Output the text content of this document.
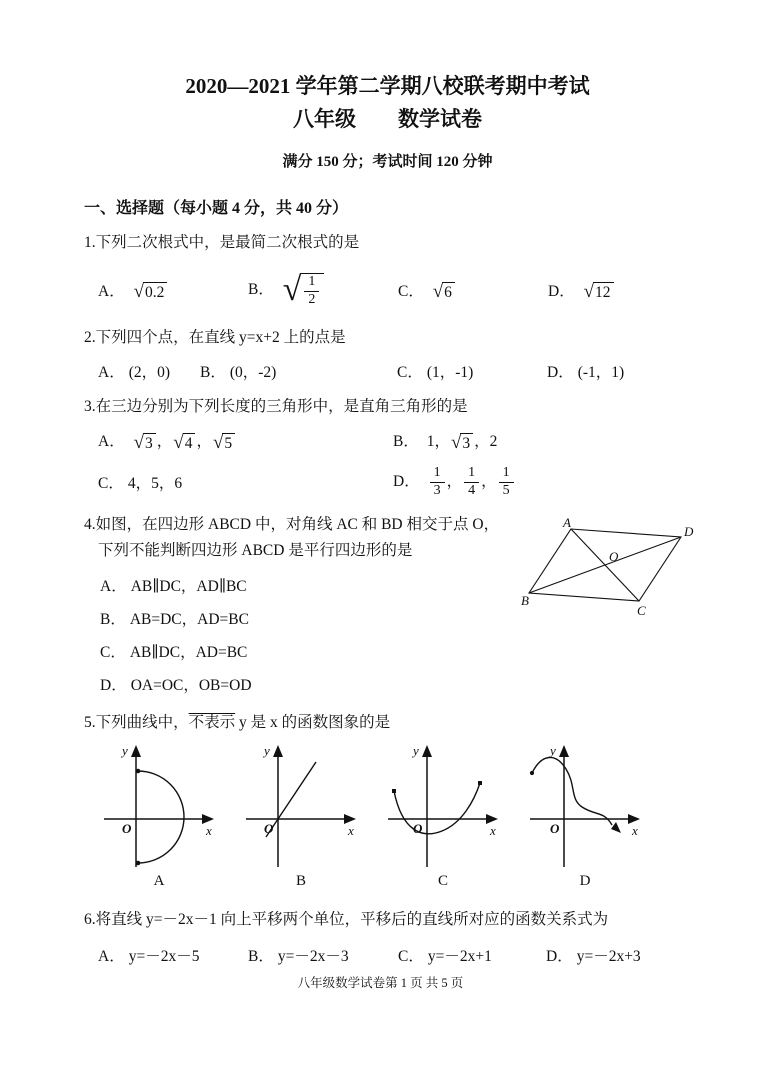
2020—2021 学年第二学期八校联考期中考试
八年级　　数学试卷
满分 150 分；考试时间 120 分钟
一、选择题（每小题 4 分，共 40 分）
1.下列二次根式中，是最简二次根式的是
A． √ 0.2	B． √ $\frac{1}{2}$	C． √ 6	D． √ 12
2.下列四个点，在直线 y=x+2 上的点是
A． (2，0)	B． (0，-2)	C． (1，-1)	D． (-1，1)
3.在三边分别为下列长度的三角形中，是直角三角形的是
A． √ 3 ， √ 4 ， √ 5	B． 1， √ 3 ，2
C． 4，5，6	D． $\frac{1}{3}$ ， $\frac{1}{4}$ ， $\frac{1}{5}$
4.如图，在四边形 ABCD 中，对角线 AC 和 BD 相交于点 O，
下列不能判断四边形 ABCD 是平行四边形的是
A． AB∥DC，AD∥BC
B． AB=DC，AD=BC
C． AB∥DC，AD=BC
D． OA=OC，OB=OD
A
D
B
C
O
5.下列曲线中，不表示 y 是 x 的函数图象的是
y
x
O
A
y
x
O
B
y
x
O
C
y
x
O
D
6.将直线 y=－2x－1 向上平移两个单位，平移后的直线所对应的函数关系式为
A． y=－2x－5	B． y=－2x－3	C． y=－2x+1	D． y=－2x+3
八年级数学试卷第 1 页 共 5 页
